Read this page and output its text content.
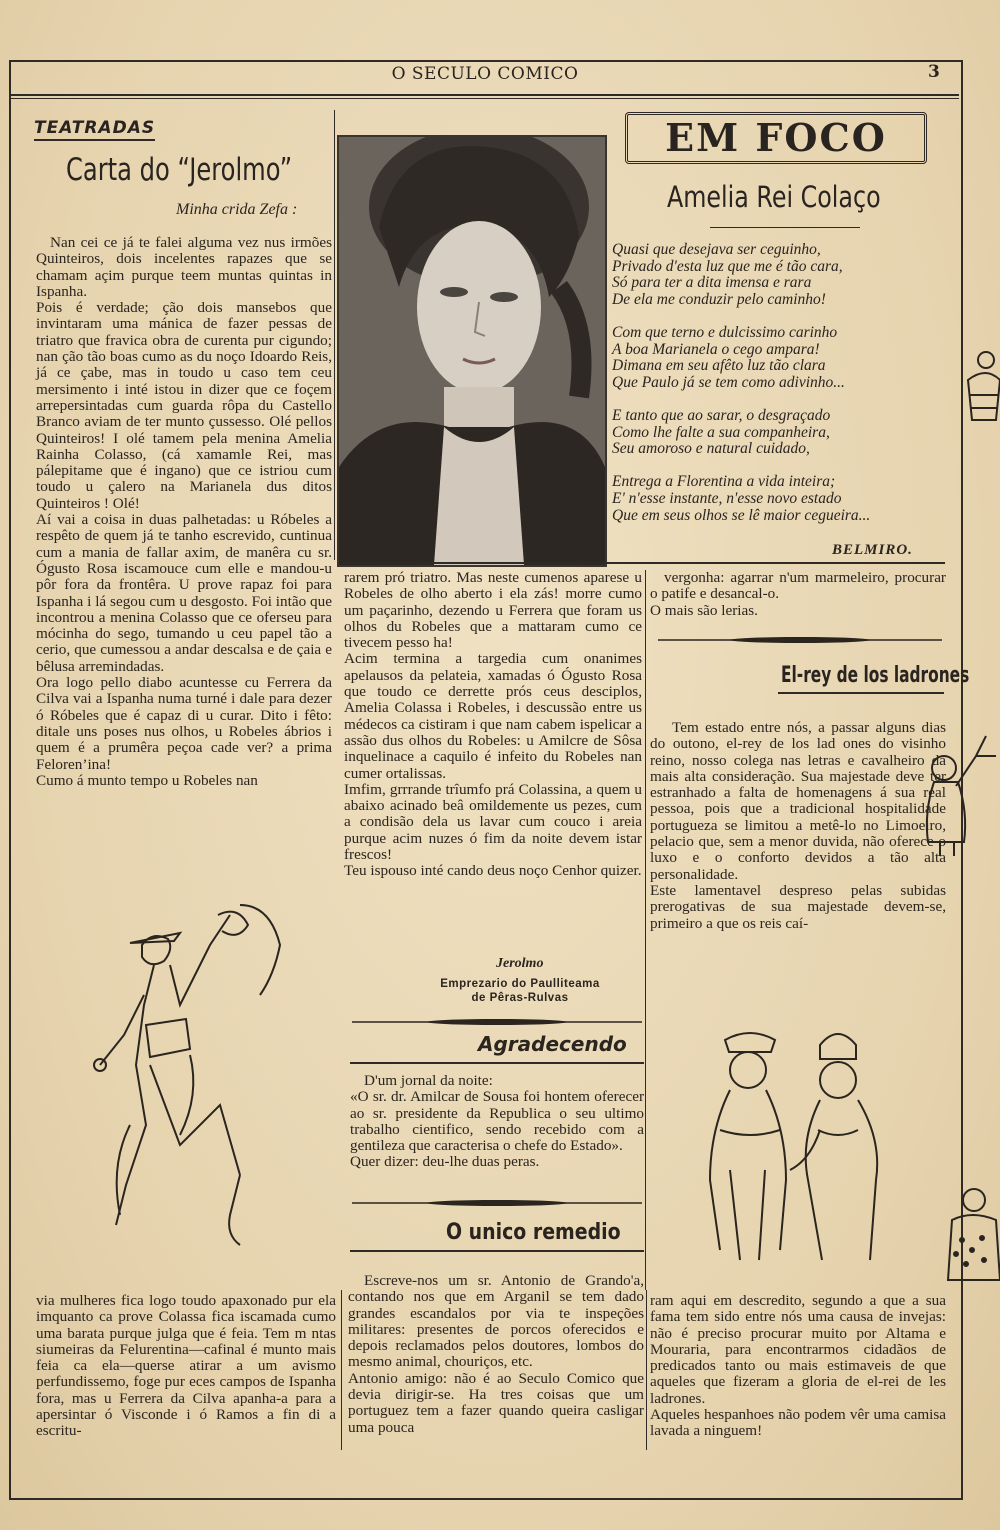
O SECULO COMICO	3
TEATRADAS
Carta do “Jerolmo”
Minha crida Zefa :
Nan cei ce já te falei alguma vez nus irmões Quinteiros, dois incelentes rapazes que se chamam açim purque teem muntas quintas in Ispanha.
Pois é verdade; ção dois mansebos que invintaram uma mánica de fazer pessas de triatro que fravica obra de curenta pur cigundo; nan ção tão boas cumo as du noço Idoardo Reis, já ce çabe, mas in toudo u caso tem ceu mersimento i inté istou in dizer que ce foçem arrepersintadas cum guarda rôpa du Castello Branco aviam de ter munto çussesso. Olé pellos Quinteiros! I olé tamem pela menina Amelia Rainha Colasso, (cá xamamle Rei, mas pálepitame que é ingano) que ce istriou cum toudo u çalero na Marianela dus ditos Quinteiros ! Olé!
Aí vai a coisa in duas palhetadas: u Róbeles a respêto de quem já te tanho escrevido, cuntinua cum a mania de fallar axim, de manêra cu sr. Ógusto Rosa iscamouce cum elle e mandou-u pôr fora da frontêra. U prove rapaz foi para Ispanha i lá segou cum u desgosto. Foi intão que incontrou a menina Colasso que ce oferseu para mócinha do sego, tumando u ceu papel tão a cerio, que cumessou a andar descalsa e de çaia e bêlusa arremindadas.
Ora logo pello diabo acuntesse cu Ferrera da Cilva vai a Ispanha numa turné i dale para dezer ó Róbeles que é capaz di u curar. Dito i fêto: ditale uns poses nus olhos, u Robeles ábrios i quem é a prumêra peçoa cade ver? a prima Feloren’ina!
Cumo á munto tempo u Robeles nan
via mulheres fica logo toudo apaxonado pur ela imquanto ca prove Colassa fica iscamada cumo uma barata purque julga que é feia. Tem m ntas siumeiras da Felurentina—cafinal é munto mais feia ca ela—querse atirar a um avismo perfundissemo, foge pur eces campos de Ispanha fora, mas u Ferrera da Cilva apanha-a para a apersintar ó Visconde i ó Ramos a fin di a escritu-
rarem pró triatro. Mas neste cumenos aparese u Robeles de olho aberto i ela zás! morre cumo um paçarinho, dezendo u Ferrera que foram us olhos du Robeles que a mattaram cumo ce tivecem pesso ha!
Acim termina a targedia cum onanimes apelausos da pelateia, xamadas ó Ógusto Rosa que toudo ce derrette prós ceus desciplos, Amelia Colassa i Robeles, i descussão entre us médecos ca cistiram i que nam cabem ispelicar a assão dus olhos du Robeles: u Amilcre de Sôsa inquelinace a caquilo é infeito du Robeles nan cumer ortalissas.
Imfim, grrrande trîumfo prá Colassina, a quem u abaixo acinado beâ omildemente us pezes, cum a condisão dela us lavar cum couco i areia purque acim nuzes ó fim da noite devem istar frescos!
Teu ispouso inté cando deus noço Cenhor quizer.
Jerolmo
Emprezario do Paulliteama
de Pêras-Rulvas
Agradecendo
D'um jornal da noite:
«O sr. dr. Amilcar de Sousa foi hontem oferecer ao sr. presidente da Republica o seu ultimo trabalho cientifico, sendo recebido com a gentileza que caracterisa o chefe do Estado».
Quer dizer: deu-lhe duas peras.
O unico remedio
Escreve-nos um sr. Antonio de Grando'a, contando nos que em Arganil se tem dado grandes escandalos por via te inspeções militares: presentes de porcos oferecidos e depois reclamados pelos doutores, lombos do mesmo animal, chouriços, etc.
Antonio amigo: não é ao Seculo Comico que devia dirigir-se. Ha tres coisas que um portuguez tem a fazer quando queira casligar uma pouca
EM FOCO
Amelia Rei Colaço
Quasi que desejava ser ceguinho,
Privado d'esta luz que me é tão cara,
Só para ter a dita imensa e rara
De ela me conduzir pelo caminho!

Com que terno e dulcissimo carinho
A boa Marianela o cego ampara!
Dimana em seu afêto luz tão clara
Que Paulo já se tem como adivinho...

E tanto que ao sarar, o desgraçado
Como lhe falte a sua companheira,
Seu amoroso e natural cuidado,

Entrega a Florentina a vida inteira;
E' n'esse instante, n'esse novo estado
Que em seus olhos se lê maior cegueira...
BELMIRO.
vergonha: agarrar n'um marmeleiro, procurar o patife e desancal-o.
O mais são lerias.
El-rey de los ladrones
Tem estado entre nós, a passar alguns dias do outono, el-rey de los lad ones do visinho reino, nosso colega nas letras e cavalheiro da mais alta consideração. Sua majestade deve ter estranhado a falta de homenagens á sua real pessoa, pois que a tradicional hospitalidade portugueza se limitou a metê-lo no Limoeiro, pelacio que, sem a menor duvida, não oferece o luxo e o conforto devidos a tão alta personalidade.
Este lamentavel despreso pelas subidas prerogativas de sua majestade devem-se, primeiro a que os reis caí-
ram aqui em descredito, segundo a que a sua fama tem sido entre nós uma causa de invejas: não é preciso procurar muito por Altama e Mouraria, para encontrarmos cidadãos de predicados tanto ou mais estimaveis de que aqueles que fizeram a gloria de el-rei de les ladrones.
Aqueles hespanhoes não podem vêr uma camisa lavada a ninguem!
